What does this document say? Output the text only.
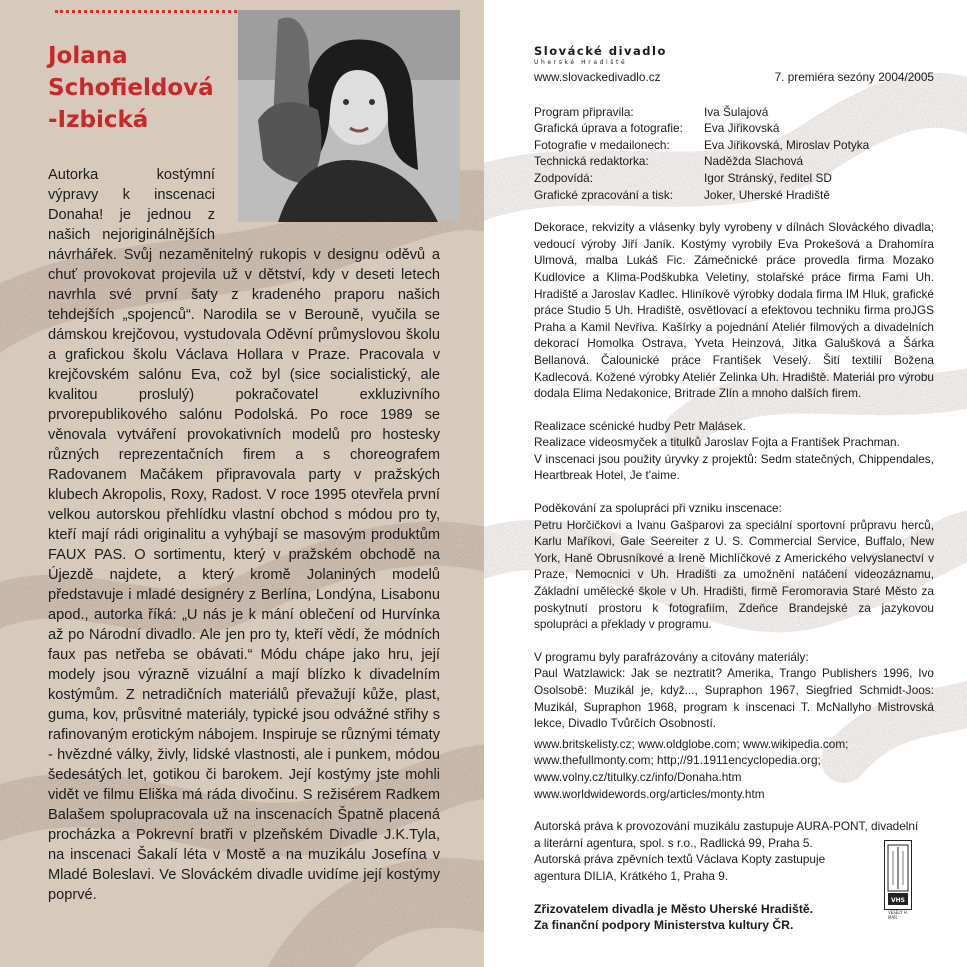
Jolana
Schofieldová
-Izbická

Autorka kostýmní výpravy k inscenaci Donaha! je jednou z našich nejoriginálnějších návrhářek. Svůj nezaměnitelný rukopis v designu oděvů a chuť provokovat projevila už v dětství, kdy v deseti letech navrhla své první šaty z kradeného praporu našich tehdejších „spojenců“. Narodila se v Berouně, vyučila se dámskou krejčovou, vystudovala Oděvní průmyslovou školu a grafickou školu Václava Hollara v Praze. Pracovala v krejčovském salónu Eva, což byl (sice socialistický, ale kvalitou proslulý) pokračovatel exkluzivního prvorepublikového salónu Podolská. Po roce 1989 se věnovala vytváření provokativních modelů pro hostesky různých reprezentačních firem a s choreografem Radovanem Mačákem připravovala party v pražských klubech Akropolis, Roxy, Radost. V roce 1995 otevřela první velkou autorskou přehlídku vlastní obchod s módou pro ty, kteří mají rádi originalitu a vyhýbají se masovým produktům FAUX PAS. O sortimentu, který v pražském obchodě na Újezdě najdete, a který kromě Jolaniných modelů představuje i mladé designéry z Berlína, Londýna, Lisabonu apod., autorka říká: „U nás je k mání oblečení od Hurvínka až po Národní divadlo. Ale jen pro ty, kteří vědí, že módních faux pas netřeba se obávati.“ Módu chápe jako hru, její modely jsou výrazně vizuální a mají blízko k divadelním kostýmům. Z netradičních materiálů převažují kůže, plast, guma, kov, průsvitné materiály, typické jsou odvážné střihy s rafinovaným erotickým nábojem. Inspiruje se různými tématy - hvězdné války, živly, lidské vlastnosti, ale i punkem, módou šedesátých let, gotikou či barokem. Její kostýmy jste mohli vidět ve filmu Eliška má ráda divočinu. S režisérem Radkem Balašem spolupracovala už na inscenacích Špatně placená procházka a Pokrevní bratři v plzeňském Divadle J.K.Tyla, na inscenaci Šakalí léta v Mostě a na muzikálu Josefína v Mladé Boleslavi. Ve Slováckém divadle uvidíme její kostýmy poprvé.

Slovácké divadlo
Uherské Hradiště
www.slovackedivadlo.cz	7. premiéra sezóny 2004/2005
Program připravila:	Iva Šulajová
Grafická úprava a fotografie:	Eva Jiřikovská
Fotografie v medailonech:	Eva Jiřikovská, Miroslav Potyka
Technická redaktorka:	Naděžda Slachová
Zodpovídá:	Igor Stránský, ředitel SD
Grafické zpracování a tisk:	Joker, Uherské Hradiště

Dekorace, rekvizity a vlásenky byly vyrobeny v dílnách Slováckého divadla; vedoucí výroby Jiří Janík. Kostýmy vyrobily Eva Prokešová a Drahomíra Ulmová, malba Lukáš Fic. Zámečnické práce provedla firma Mozako Kudlovice a Klima-Podškubka Veletiny, stolařské práce firma Fami Uh. Hradiště a Jaroslav Kadlec. Hliníkové výrobky dodala firma IM Hluk, grafické práce Studio 5 Uh. Hradiště, osvětlovací a efektovou techniku firma proJGS Praha a Kamil Nevřiva. Kašírky a pojednání Ateliér filmových a divadelních dekorací Homolka Ostrava, Yveta Heinzová, Jitka Galušková a Šárka Bellanová. Čalounické práce František Veselý. Šití textilií Božena Kadlecová. Kožené výrobky Ateliér Zelinka Uh. Hradiště. Materiál pro výrobu dodala Elima Nedakonice, Britrade Zlín a mnoho dalších firem.

Realizace scénické hudby Petr Malásek.

Realizace videosmyček a titulků Jaroslav Fojta a František Prachman.

V inscenaci jsou použity úryvky z projektů: Sedm statečných, Chippendales, Heartbreak Hotel, Je t'aime.

Poděkování za spolupráci při vzniku inscenace:

Petru Horčičkovi a Ivanu Gašparovi za speciální sportovní průpravu herců, Karlu Maříkovi, Gale Seereiter z U. S. Commercial Service, Buffalo, New York, Haně Obrusníkové a Ireně Michlíčkové z Amerického velvyslanectví v Praze, Nemocnici v Uh. Hradišti za umožnění natáčení videozáznamu, Základní umělecké škole v Uh. Hradišti, firmě Feromoravia Staré Město za poskytnutí prostoru k fotografiím, Zdeňce Brandejské za jazykovou spolupráci a překlady v programu.

V programu byly parafrázovány a citovány materiály:

Paul Watzlawick: Jak se neztratit? Amerika, Trango Publishers 1996, Ivo Osolsobě: Muzikál je, když..., Supraphon 1967, Siegfried Schmidt-Joos: Muzikál, Supraphon 1968, program k inscenaci T. McNallyho Mistrovská lekce, Divadlo Tvůrčích Osobností.

www.britskelisty.cz; www.oldglobe.com; www.wikipedia.com;

www.thefullmonty.com; http;//91.1911encyclopedia.org;

www.volny.cz/titulky.cz/info/Donaha.htm

www.worldwidewords.org/articles/monty.htm

Autorská práva k provozování muzikálu zastupuje AURA-PONT, divadelní

a literární agentura, spol. s r.o., Radlická 99, Praha 5.

Autorská práva zpěvních textů Václava Kopty zastupuje

agentura DILIA, Krátkého 1, Praha 9.

Zřizovatelem divadla je Město Uherské Hradiště.

Za finanční podpory Ministerstva kultury ČR.

VHS
VESELÝ H. MAR.
